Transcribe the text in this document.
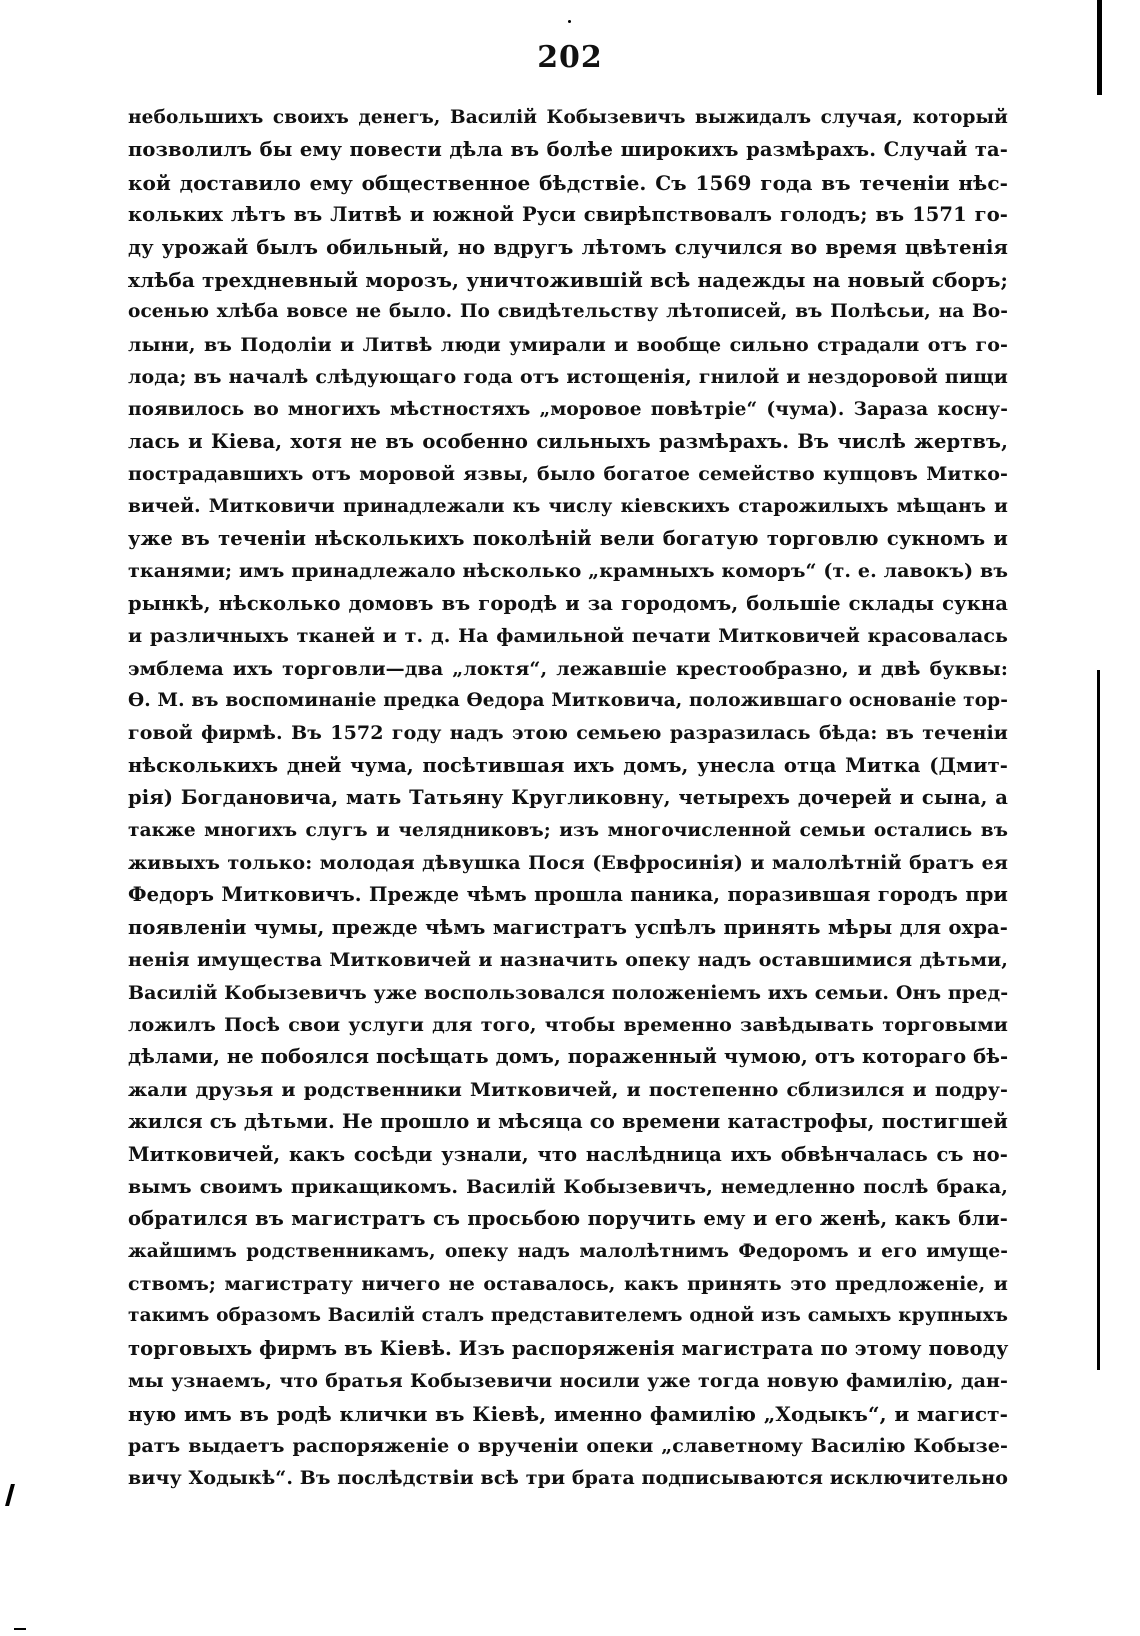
202
небольшихъ своихъ денегъ, Василій Кобызевичъ выжидалъ случая, который
позволилъ бы ему повести дѣла въ болѣе широкихъ размѣрахъ. Случай та-
кой доставило ему общественное бѣдствіе. Съ 1569 года въ теченіи нѣс-
кольких лѣтъ въ Литвѣ и южной Руси свирѣпствовалъ голодъ; въ 1571 го-
ду урожай былъ обильный, но вдругъ лѣтомъ случился во время цвѣтенія
хлѣба трехдневный морозъ, уничтожившій всѣ надежды на новый сборъ;
осенью хлѣба вовсе не было. По свидѣтельству лѣтописей, въ Полѣсьи, на Во-
лыни, въ Подоліи и Литвѣ люди умирали и вообще сильно страдали отъ го-
лода; въ началѣ слѣдующаго года отъ истощенія, гнилой и нездоровой пищи
появилось во многихъ мѣстностяхъ „моровое повѣтріе“ (чума). Зараза косну-
лась и Кіева, хотя не въ особенно сильныхъ размѣрахъ. Въ числѣ жертвъ,
пострадавшихъ отъ моровой язвы, было богатое семейство купцовъ Митко-
вичей. Митковичи принадлежали къ числу кіевскихъ старожилыхъ мѣщанъ и
уже въ теченіи нѣсколькихъ поколѣній вели богатую торговлю сукномъ и
тканями; имъ принадлежало нѣсколько „крамныхъ коморъ“ (т. е. лавокъ) въ
рынкѣ, нѣсколько домовъ въ городѣ и за городомъ, большіе склады сукна
и различныхъ тканей и т. д. На фамильной печати Митковичей красовалась
эмблема ихъ торговли—два „локтя“, лежавшіе крестообразно, и двѣ буквы:
Ѳ. М. въ воспоминаніе предка Ѳедора Митковича, положившаго основаніе тор-
говой фирмѣ. Въ 1572 году надъ этою семьею разразилась бѣда: въ теченіи
нѣсколькихъ дней чума, посѣтившая ихъ домъ, унесла отца Митка (Дмит-
рія) Богдановича, мать Татьяну Кругликовну, четырехъ дочерей и сына, а
также многихъ слугъ и челядниковъ; изъ многочисленной семьи остались въ
живыхъ только: молодая дѣвушка Пося (Евфросинія) и малолѣтній братъ ея
Федоръ Митковичъ. Прежде чѣмъ прошла паника, поразившая городъ при
появленіи чумы, прежде чѣмъ магистратъ успѣлъ принять мѣры для охра-
ненія имущества Митковичей и назначить опеку надъ оставшимися дѣтьми,
Василій Кобызевичъ уже воспользовался положеніемъ ихъ семьи. Онъ пред-
ложилъ Посѣ свои услуги для того, чтобы временно завѣдывать торговыми
дѣлами, не побоялся посѣщать домъ, пораженный чумою, отъ котораго бѣ-
жали друзья и родственники Митковичей, и постепенно сблизился и подру-
жился съ дѣтьми. Не прошло и мѣсяца со времени катастрофы, постигшей
Митковичей, какъ сосѣди узнали, что наслѣдница ихъ обвѣнчалась съ но-
вымъ своимъ прикащикомъ. Василій Кобызевичъ, немедленно послѣ брака,
обратился въ магистратъ съ просьбою поручить ему и его женѣ, какъ бли-
жайшимъ родственникамъ, опеку надъ малолѣтнимъ Федоромъ и его имуще-
ствомъ; магистрату ничего не оставалось, какъ принять это предложеніе, и
такимъ образомъ Василій сталъ представителемъ одной изъ самыхъ крупныхъ
торговыхъ фирмъ въ Кіевѣ. Изъ распоряженія магистрата по этому поводу
мы узнаемъ, что братья Кобызевичи носили уже тогда новую фамилію, дан-
ную имъ въ родѣ клички въ Кіевѣ, именно фамилію „Ходыкъ“, и магист-
ратъ выдаетъ распоряженіе о врученіи опеки „славетному Василію Кобызе-
вичу Ходыкѣ“. Въ послѣдствіи всѣ три брата подписываются исключительно
